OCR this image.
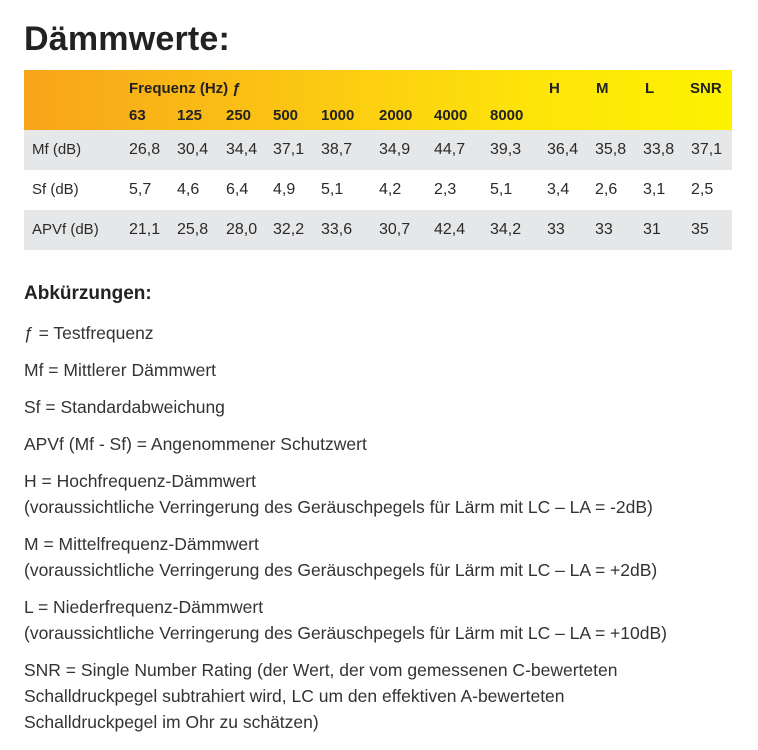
Dämmwerte:
Frequenz (Hz) ƒ
63 125 250 500 1000 2000 4000 8000
H M L SNR
Mf (dB)	26,8 30,4 34,4 37,1 38,7 34,9 44,7 39,3 36,4 35,8 33,8 37,1
Sf (dB)	5,7 4,6 6,4 4,9 5,1 4,2 2,3 5,1 3,4 2,6 3,1 2,5
APVf (dB) 21,1 25,8 28,0 32,2 33,6 30,7 42,4 34,2 33 33 31 35
Abkürzungen:
ƒ = Testfrequenz
Mf = Mittlerer Dämmwert
Sf = Standardabweichung
APVf (Mf - Sf) = Angenommener Schutzwert
H = Hochfrequenz-Dämmwert
(voraussichtliche Verringerung des Geräuschpegels für Lärm mit LC – LA = -2dB)
M = Mittelfrequenz-Dämmwert
(voraussichtliche Verringerung des Geräuschpegels für Lärm mit LC – LA = +2dB)
L = Niederfrequenz-Dämmwert
(voraussichtliche Verringerung des Geräuschpegels für Lärm mit LC – LA = +10dB)
SNR = Single Number Rating (der Wert, der vom gemessenen C-bewerteten
Schalldruckpegel subtrahiert wird, LC um den effektiven A-bewerteten
Schalldruckpegel im Ohr zu schätzen)
